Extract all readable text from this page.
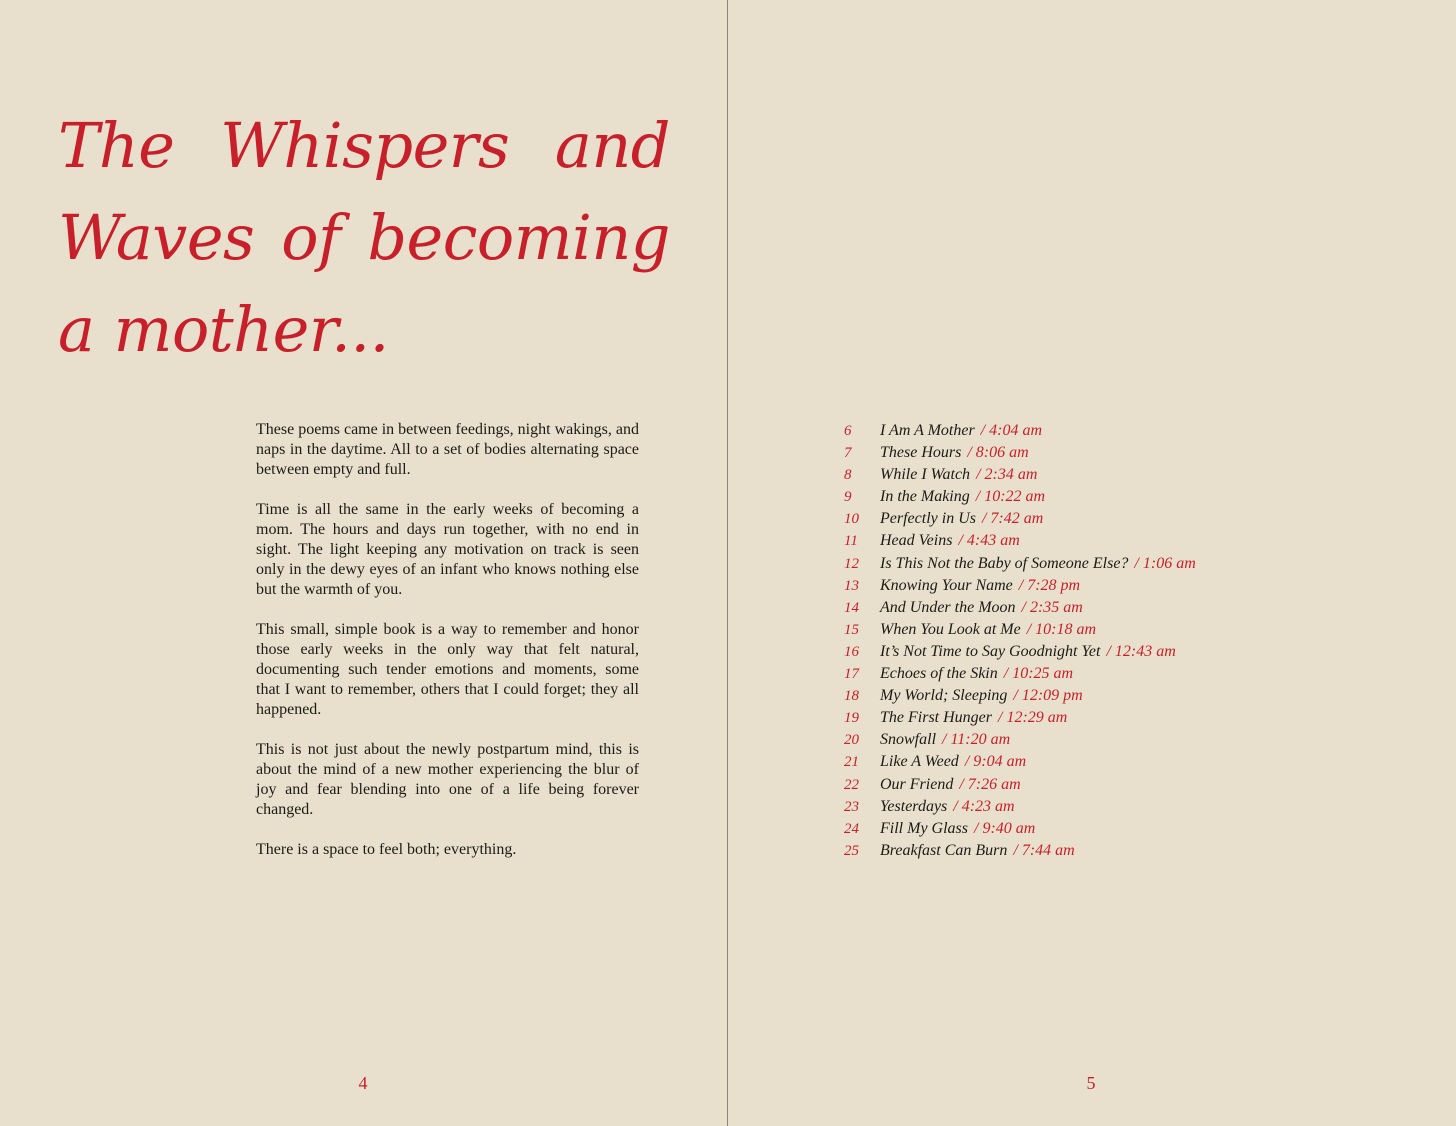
The Whispers and Waves of becoming a mother...

These poems came in between feedings, night wakings, and naps in the daytime. All to a set of bodies alternating space between empty and full.

Time is all the same in the early weeks of becoming a mom. The hours and days run together, with no end in sight. The light keeping any motivation on track is seen only in the dewy eyes of an infant who knows nothing else but the warmth of you.

This small, simple book is a way to remember and honor those early weeks in the only way that felt natural, documenting such tender emotions and moments, some that I want to remember, others that I could forget; they all happened.

This is not just about the newly postpartum mind, this is about the mind of a new mother experiencing the blur of joy and fear blending into one of a life being forever changed.

There is a space to feel both; everything.

4
6	I Am A Mother / 4:04 am
7	These Hours / 8:06 am
8	While I Watch / 2:34 am
9	In the Making / 10:22 am
10	Perfectly in Us / 7:42 am
11	Head Veins / 4:43 am
12	Is This Not the Baby of Someone Else? / 1:06 am
13	Knowing Your Name / 7:28 pm
14	And Under the Moon / 2:35 am
15	When You Look at Me / 10:18 am
16	It’s Not Time to Say Goodnight Yet / 12:43 am
17	Echoes of the Skin / 10:25 am
18	My World; Sleeping / 12:09 pm
19	The First Hunger / 12:29 am
20	Snowfall / 11:20 am
21	Like A Weed / 9:04 am
22	Our Friend / 7:26 am
23	Yesterdays / 4:23 am
24	Fill My Glass / 9:40 am
25	Breakfast Can Burn / 7:44 am
5
